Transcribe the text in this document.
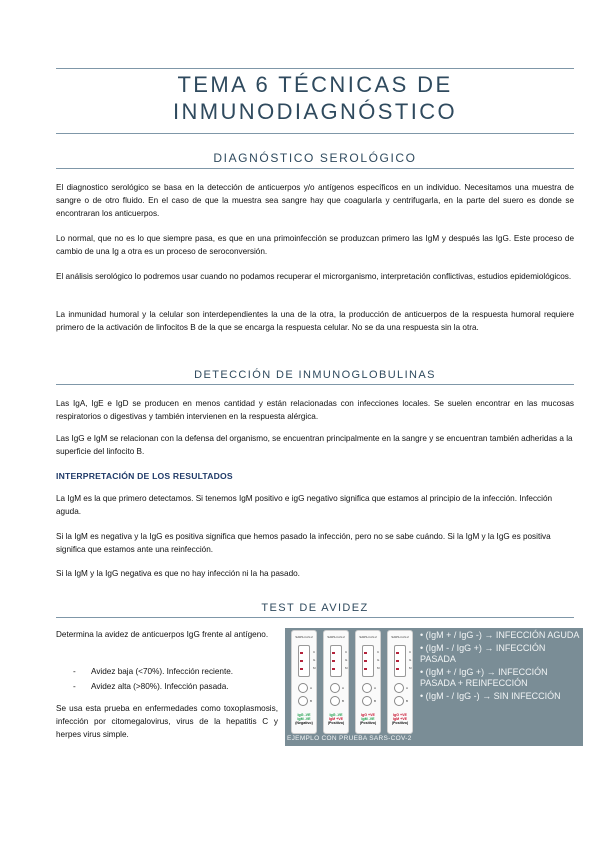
TEMA 6 TÉCNICAS DE
INMUNODIAGNÓSTICO
DIAGNÓSTICO SEROLÓGICO

El diagnostico serológico se basa en la detección de anticuerpos y/o antígenos específicos en un individuo. Necesitamos una muestra de sangre o de otro fluido. En el caso de que la muestra sea sangre hay que coagularla y centrifugarla, en la parte del suero es donde se encontraran los anticuerpos.

Lo normal, que no es lo que siempre pasa, es que en una primoinfección se produzcan primero las IgM y después las IgG. Este proceso de cambio de una Ig a otra es un proceso de seroconversión.

El análisis serológico lo podremos usar cuando no podamos recuperar el microrganismo, interpretación conflictivas, estudios epidemiológicos.

La inmunidad humoral y la celular son interdependientes la una de la otra, la producción de anticuerpos de la respuesta humoral requiere primero de la activación de linfocitos B de la que se encarga la respuesta celular. No se da una respuesta sin la otra.

DETECCIÓN DE INMUNOGLOBULINAS

Las IgA, IgE e IgD se producen en menos cantidad y están relacionadas con infecciones locales. Se suelen encontrar en las mucosas respiratorios o digestivas y también intervienen en la respuesta alérgica.

Las IgG e IgM se relacionan con la defensa del organismo, se encuentran principalmente en la sangre y se encuentran también adheridas a la superficie del linfocito B.

INTERPRETACIÓN DE LOS RESULTADOS

La IgM es la que primero detectamos. Si tenemos IgM positivo e igG negativo significa que estamos al principio de la infección. Infección aguda.

Si la IgM es negativa y la IgG es positiva significa que hemos pasado la infección, pero no se sabe cuándo. Si la IgM y la IgG es positiva significa que estamos ante una reinfección.

Si la IgM y la IgG negativa es que no hay infección ni la ha pasado.

TEST DE AVIDEZ

Determina la avidez de anticuerpos IgG frente al antígeno.

- Avidez baja (<70%). Infección reciente.
- Avidez alta (>80%). Infección pasada.

Se usa esta prueba en enfermedades como toxoplasmosis, infección por citomegalovirus, virus de la hepatitis C y herpes virus simple.

SARS-CoV-2
C
G
M
A
B
IgG -VE
IgM -VE
(Negativo)
SARS-CoV-2
C
G
M
A
B
IgG -VE
IgM +VE
(Positivo)
SARS-CoV-2
C
G
M
A
B
IgG +VE
IgM -VE
(Positivo)
SARS-CoV-2
C
G
M
A
B
IgG +VE
IgM +VE
(Positivo)
• (IgM + / IgG -) → INFECCIÓN AGUDA
• (IgM - / IgG +) → INFECCIÓN PASADA
• (IgM + / IgG +) → INFECCIÓN PASADA + REINFECCIÓN
• (IgM - / IgG -) → SIN INFECCIÓN
EJEMPLO CON PRUEBA SARS-COV-2
